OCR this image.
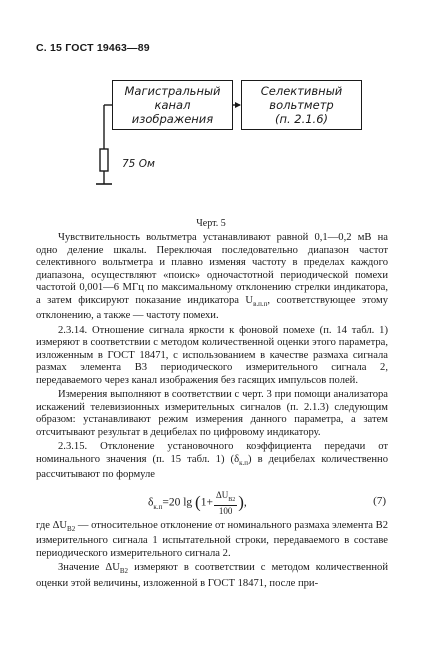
С. 15 ГОСТ 19463—89
Магистральный
канал
изображения
Селективный
вольтметр
(п. 2.1.6)
75 Ом
Черт. 5

Чувствительность вольтметра устанавливают равной 0,1—0,2 мВ на одно деление шкалы. Переключая последовательно диапазон частот селективного вольтметра и плавно изменяя частоту в пределах каждого диапазона, осуществляют «поиск» одночастотной периодической помехи частотой 0,001—6 МГц по максимальному отклонению стрелки индикатора, а затем фиксируют показание индикатора $U_{в.п.п}$, соответствующее этому отклонению, а также — частоту помехи.

2.3.14. Отношение сигнала яркости к фоновой помехе (п. 14 табл. 1) измеряют в соответствии с методом количественной оценки этого параметра, изложенным в ГОСТ 18471, с использованием в качестве размаха сигнала размах элемента В3 периодического измерительного сигнала 2, передаваемого через канал изображения без гасящих импульсов полей.

Измерения выполняют в соответствии с черт. 3 при помощи анализатора искажений телевизионных измерительных сигналов (п. 2.1.3) следующим образом: устанавливают режим измерения данного параметра, а затем отсчитывают результат в децибелах по цифровому индикатору.

2.3.15. Отклонение установочного коэффициента передачи от номинального значения (п. 15 табл. 1) $(\delta_{к.п})$ в децибелах количественно рассчитывают по формуле

$\delta_{к.п}=20$ $\lg (1+ \frac{\Delta U_{В2}}{100}$ ),	(7)

где $\Delta U_{В2}$ — относительное отклонение от номинального размаха элемента В2 измерительного сигнала 1 испытательной строки, передаваемого в составе периодического измерительного сигнала 2.

Значение $\Delta U_{В2}$ измеряют в соответствии с методом количественной оценки этой величины, изложенной в ГОСТ 18471, после при-
